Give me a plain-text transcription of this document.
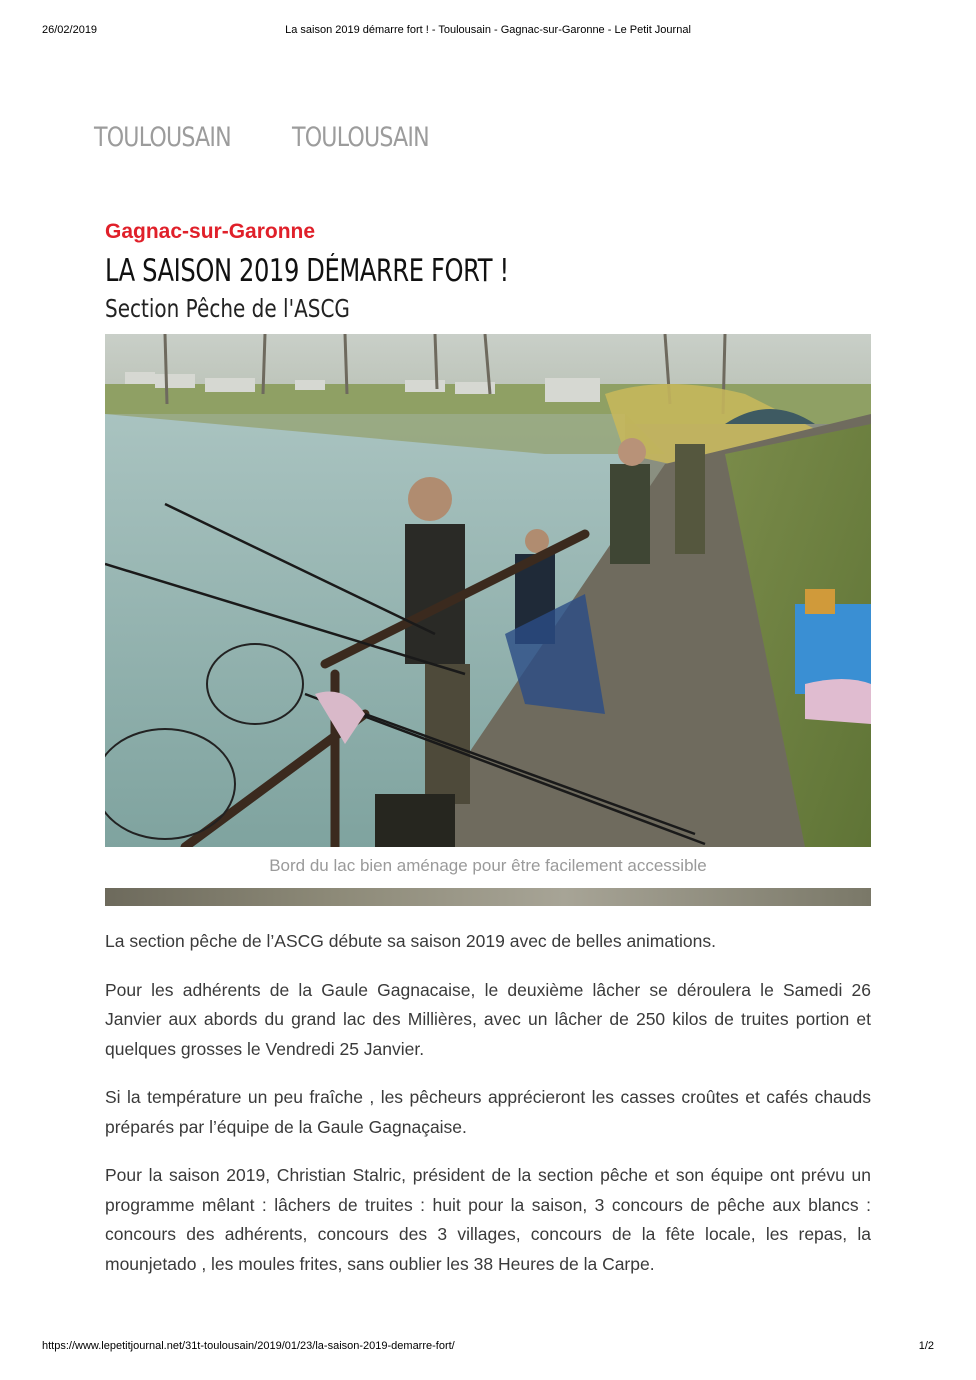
26/02/2019	La saison 2019 démarre fort ! - Toulousain - Gagnac-sur-Garonne - Le Petit Journal
TOULOUSAIN TOULOUSAIN
Gagnac-sur-Garonne
LA SAISON 2019 DÉMARRE FORT !
Section Pêche de l'ASCG
Bord du lac bien aménage pour être facilement accessible

La section pêche de l’ASCG débute sa saison 2019 avec de belles animations.

Pour les adhérents de la Gaule Gagnacaise, le deuxième lâcher se déroulera le Samedi 26 Janvier aux abords du grand lac des Millières, avec un lâcher de 250 kilos de truites portion et quelques grosses le Vendredi 25 Janvier.

Si la température un peu fraîche , les pêcheurs apprécieront les casses croûtes et cafés chauds préparés par l’équipe de la Gaule Gagnaçaise.

Pour la saison 2019, Christian Stalric, président de la section pêche et son équipe ont prévu un programme mêlant : lâchers de truites : huit pour la saison, 3 concours de pêche aux blancs : concours des adhérents, concours des 3 villages, concours de la fête locale, les repas, la mounjetado , les moules frites, sans oublier les 38 Heures de la Carpe.

https://www.lepetitjournal.net/31t-toulousain/2019/01/23/la-saison-2019-demarre-fort/	1/2
